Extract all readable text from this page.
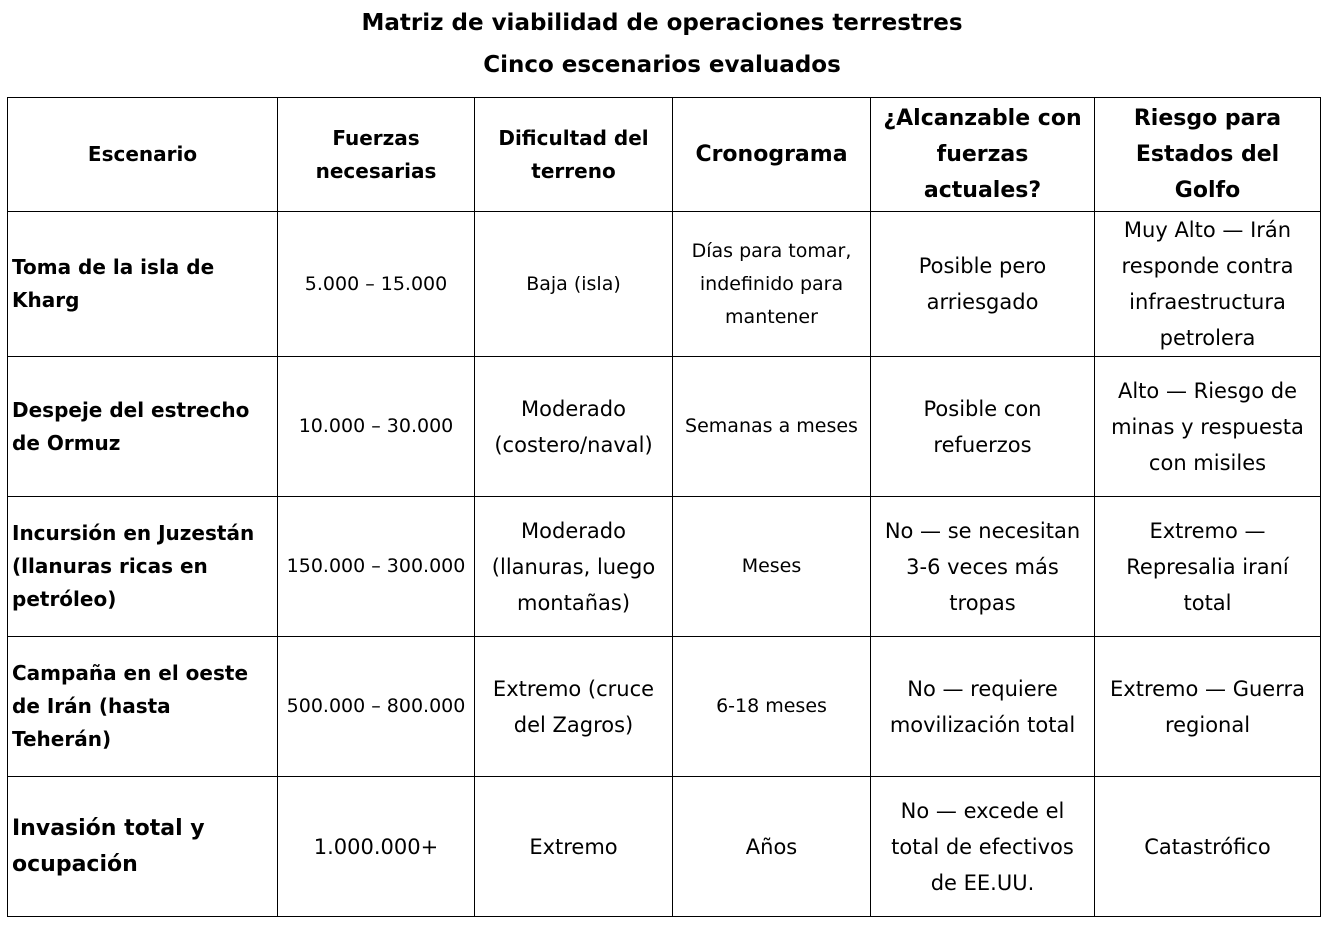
Matriz de viabilidad de operaciones terrestres
Cinco escenarios evaluados
Escenario	Fuerzas necesarias	Dificultad del terreno	Cronograma	¿Alcanzable con fuerzas actuales?	Riesgo para Estados del Golfo
Toma de la isla de Kharg	5.000 – 15.000	Baja (isla)	Días para tomar, indefinido para mantener	Posible pero arriesgado	Muy Alto — Irán responde contra infraestructura petrolera
Despeje del estrecho de Ormuz	10.000 – 30.000	Moderado (costero/naval)	Semanas a meses	Posible con refuerzos	Alto — Riesgo de minas y respuesta con misiles
Incursión en Juzestán (llanuras ricas en petróleo)	150.000 – 300.000	Moderado (llanuras, luego montañas)	Meses	No — se necesitan 3-6 veces más tropas	Extremo — Represalia iraní total
Campaña en el oeste de Irán (hasta Teherán)	500.000 – 800.000	Extremo (cruce del Zagros)	6-18 meses	No — requiere movilización total	Extremo — Guerra regional
Invasión total y ocupación	1.000.000+	Extremo	Años	No — excede el total de efectivos de EE.UU.	Catastrófico
